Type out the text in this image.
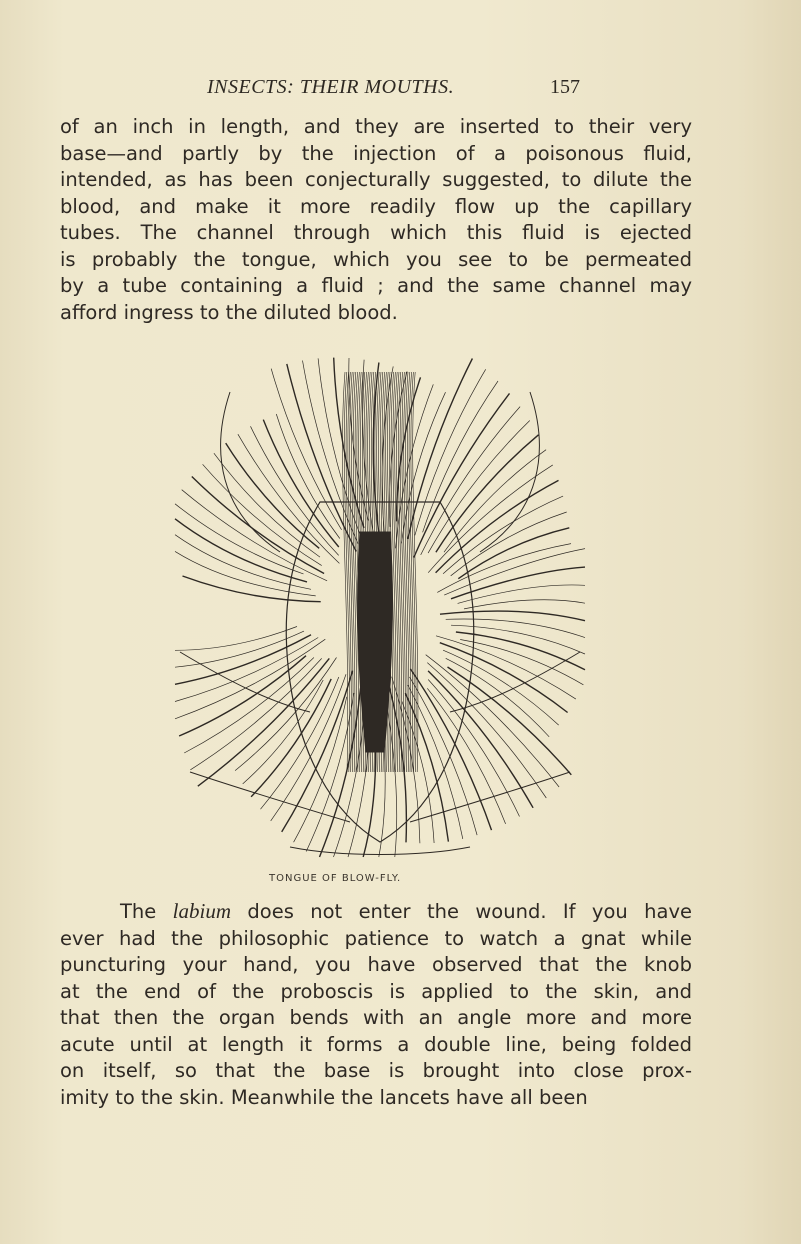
INSECTS: THEIR MOUTHS.	157
of an inch in length, and they are inserted to their very
base—and partly by the injection of a poisonous fluid,
intended, as has been conjecturally suggested, to dilute the
blood, and make it more readily flow up the capillary
tubes. The channel through which this fluid is ejected
is probably the tongue, which you see to be permeated
by a tube containing a fluid ; and the same channel may
afford ingress to the diluted blood.
TONGUE OF BLOW-FLY.
The labium does not enter the wound. If you have
ever had the philosophic patience to watch a gnat while
puncturing your hand, you have observed that the knob
at the end of the proboscis is applied to the skin, and
that then the organ bends with an angle more and more
acute until at length it forms a double line, being folded
on itself, so that the base is brought into close prox-
imity to the skin. Meanwhile the lancets have all been
